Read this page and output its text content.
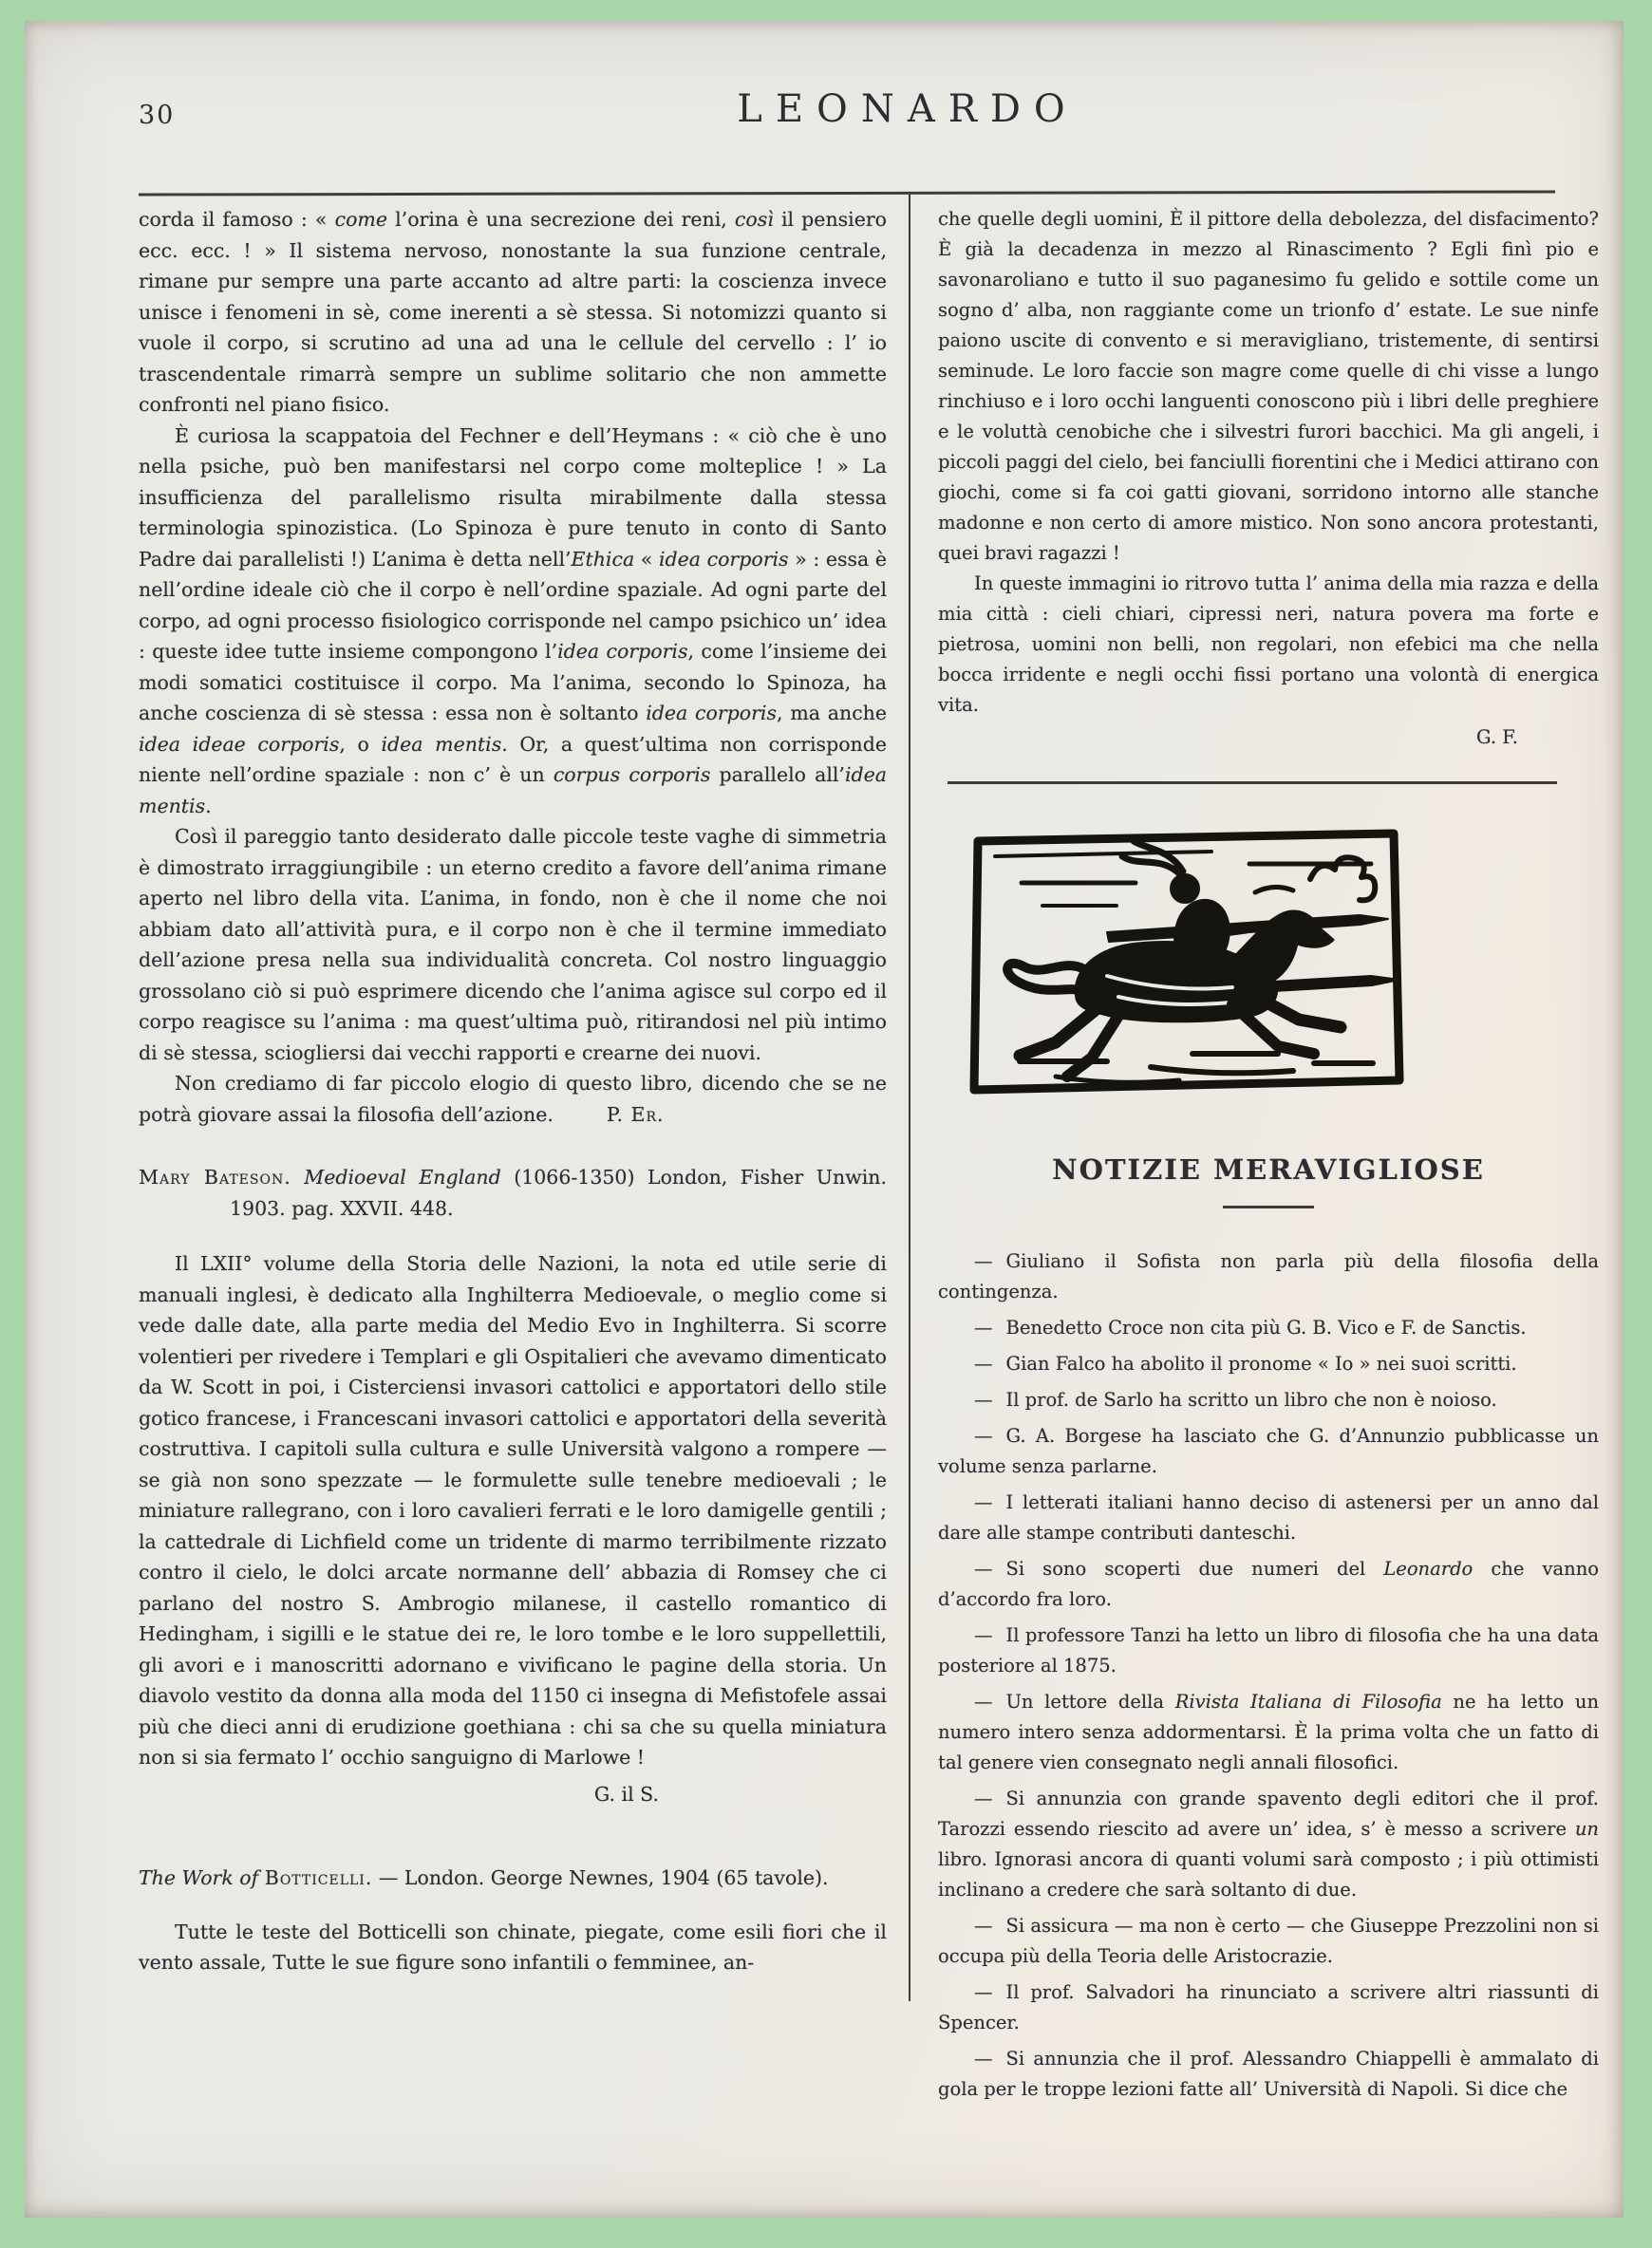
30	LEONARDO

corda il famoso : « come l’orina è una secrezione dei reni, così il pensiero ecc. ecc. ! » Il sistema nervoso, nonostante la sua funzione centrale, rimane pur sempre una parte accanto ad altre parti: la coscienza invece unisce i fenomeni in sè, come inerenti a sè stessa. Si notomizzi quanto si vuole il corpo, si scrutino ad una ad una le cellule del cervello : l’ io trascendentale rimarrà sempre un sublime solitario che non ammette confronti nel piano fisico.

È curiosa la scappatoia del Fechner e dell’Heymans : « ciò che è uno nella psiche, può ben manifestarsi nel corpo come molteplice ! » La insufficienza del parallelismo risulta mirabilmente dalla stessa terminologia spinozistica. (Lo Spinoza è pure tenuto in conto di Santo Padre dai parallelisti !) L’anima è detta nell’Ethica « idea corporis » : essa è nell’ordine ideale ciò che il corpo è nell’ordine spaziale. Ad ogni parte del corpo, ad ogni processo fisiologico corrisponde nel campo psichico un’ idea : queste idee tutte insieme compongono l’idea corporis, come l’insieme dei modi somatici costituisce il corpo. Ma l’anima, secondo lo Spinoza, ha anche coscienza di sè stessa : essa non è soltanto idea corporis, ma anche idea ideae corporis, o idea mentis. Or, a quest’ultima non corrisponde niente nell’ordine spaziale : non c’ è un corpus corporis parallelo all’idea mentis.

Così il pareggio tanto desiderato dalle piccole teste vaghe di simmetria è dimostrato irraggiungibile : un eterno credito a favore dell’anima rimane aperto nel libro della vita. L’anima, in fondo, non è che il nome che noi abbiam dato all’attività pura, e il corpo non è che il termine immediato dell’azione presa nella sua individualità concreta. Col nostro linguaggio grossolano ciò si può esprimere dicendo che l’anima agisce sul corpo ed il corpo reagisce su l’anima : ma quest’ultima può, ritirandosi nel più intimo di sè stessa, sciogliersi dai vecchi rapporti e crearne dei nuovi.

Non crediamo di far piccolo elogio di questo libro, dicendo che se ne potrà giovare assai la filosofia dell’azione.	P. Er.

Mary Bateson. Medioeval England (1066-1350) London, Fisher Unwin. 1903. pag. XXVII. 448.

Il LXII° volume della Storia delle Nazioni, la nota ed utile serie di manuali inglesi, è dedicato alla Inghilterra Medioevale, o meglio come si vede dalle date, alla parte media del Medio Evo in Inghilterra. Si scorre volentieri per rivedere i Templari e gli Ospitalieri che avevamo dimenticato da W. Scott in poi, i Cisterciensi invasori cattolici e apportatori dello stile gotico francese, i Francescani invasori cattolici e apportatori della severità costruttiva. I capitoli sulla cultura e sulle Università valgono a rompere — se già non sono spezzate — le formulette sulle tenebre medioevali ; le miniature rallegrano, con i loro cavalieri ferrati e le loro damigelle gentili ; la cattedrale di Lichfield come un tridente di marmo terribilmente rizzato contro il cielo, le dolci arcate normanne dell’ abbazia di Romsey che ci parlano del nostro S. Ambrogio milanese, il castello romantico di Hedingham, i sigilli e le statue dei re, le loro tombe e le loro suppellettili, gli avori e i manoscritti adornano e vivificano le pagine della storia. Un diavolo vestito da donna alla moda del 1150 ci insegna di Mefistofele assai più che dieci anni di erudizione goethiana : chi sa che su quella miniatura non si sia fermato l’ occhio sanguigno di Marlowe !

G. il S.

The Work of Botticelli. — London. George Newnes, 1904 (65 tavole).

Tutte le teste del Botticelli son chinate, piegate, come esili fiori che il vento assale, Tutte le sue figure sono infantili o femminee, an-

che quelle degli uomini, È il pittore della debolezza, del disfacimento? È già la decadenza in mezzo al Rinascimento ? Egli finì pio e savonaroliano e tutto il suo paganesimo fu gelido e sottile come un sogno d’ alba, non raggiante come un trionfo d’ estate. Le sue ninfe paiono uscite di convento e si meravigliano, tristemente, di sentirsi seminude. Le loro faccie son magre come quelle di chi visse a lungo rinchiuso e i loro occhi languenti conoscono più i libri delle preghiere e le voluttà cenobiche che i silvestri furori bacchici. Ma gli angeli, i piccoli paggi del cielo, bei fanciulli fiorentini che i Medici attirano con giochi, come si fa coi gatti giovani, sorridono intorno alle stanche madonne e non certo di amore mistico. Non sono ancora protestanti, quei bravi ragazzi !

In queste immagini io ritrovo tutta l’ anima della mia razza e della mia città : cieli chiari, cipressi neri, natura povera ma forte e pietrosa, uomini non belli, non regolari, non efebici ma che nella bocca irridente e negli occhi fissi portano una volontà di energica vita.

G. F.
NOTIZIE MERAVIGLIOSE

— Giuliano il Sofista non parla più della filosofia della contingenza.

— Benedetto Croce non cita più G. B. Vico e F. de Sanctis.

— Gian Falco ha abolito il pronome « Io » nei suoi scritti.

— Il prof. de Sarlo ha scritto un libro che non è noioso.

— G. A. Borgese ha lasciato che G. d’Annunzio pubblicasse un volume senza parlarne.

— I letterati italiani hanno deciso di astenersi per un anno dal dare alle stampe contributi danteschi.

— Si sono scoperti due numeri del Leonardo che vanno d’accordo fra loro.

— Il professore Tanzi ha letto un libro di filosofia che ha una data posteriore al 1875.

— Un lettore della Rivista Italiana di Filosofia ne ha letto un numero intero senza addormentarsi. È la prima volta che un fatto di tal genere vien consegnato negli annali filosofici.

— Si annunzia con grande spavento degli editori che il prof. Tarozzi essendo riescito ad avere un’ idea, s’ è messo a scrivere un libro. Ignorasi ancora di quanti volumi sarà composto ; i più ottimisti inclinano a credere che sarà soltanto di due.

— Si assicura — ma non è certo — che Giuseppe Prezzolini non si occupa più della Teoria delle Aristocrazie.

— Il prof. Salvadori ha rinunciato a scrivere altri riassunti di Spencer.

— Si annunzia che il prof. Alessandro Chiappelli è ammalato di gola per le troppe lezioni fatte all’ Università di Napoli. Si dice che
